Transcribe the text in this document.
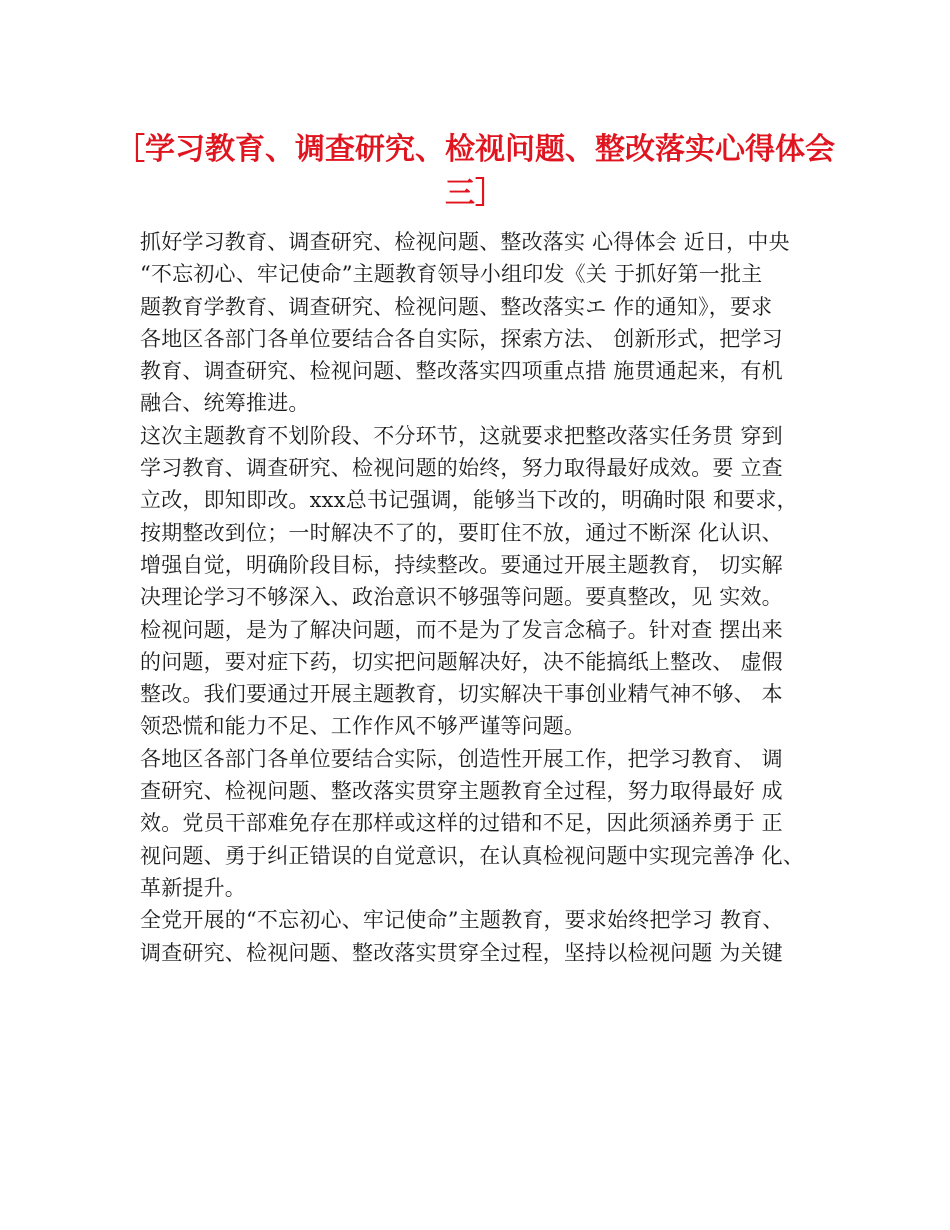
［学习教育、调查研究、检视问题、整改落实心得体会
三］
抓好学习教育、调查研究、检视问题、整改落实 心得体会 近日，中央
“不忘初心、牢记使命”主题教育领导小组印发《关 于抓好第一批主
题教育学教育、调查研究、检视问题、整改落实エ 作的通知》，要求
各地区各部门各单位要结合各自实际，探索方法、 创新形式，把学习
教育、调查研究、检视问题、整改落实四项重点措 施贯通起来，有机
融合、统筹推进。
这次主题教育不划阶段、不分环节，这就要求把整改落实任务贯 穿到
学习教育、调查研究、检视问题的始终，努力取得最好成效。要 立查
立改，即知即改。xxx总书记强调，能够当下改的，明确时限 和要求，
按期整改到位；一时解决不了的，要盯住不放，通过不断深 化认识、
增强自觉，明确阶段目标，持续整改。要通过开展主题教育， 切实解
决理论学习不够深入、政治意识不够强等问题。要真整改，见 实效。
检视问题，是为了解决问题，而不是为了发言念稿子。针对查 摆出来
的问题，要对症下药，切实把问题解决好，决不能搞纸上整改、 虚假
整改。我们要通过开展主题教育，切实解决干事创业精气神不够、 本
领恐慌和能力不足、工作作风不够严谨等问题。
各地区各部门各单位要结合实际，创造性开展工作，把学习教育、 调
查研究、检视问题、整改落实贯穿主题教育全过程，努力取得最好 成
效。党员干部难免存在那样或这样的过错和不足，因此须涵养勇于 正
视问题、勇于纠正错误的自觉意识，在认真检视问题中实现完善净 化、
革新提升。
全党开展的“不忘初心、牢记使命”主题教育，要求始终把学习 教育、
调查研究、检视问题、整改落实贯穿全过程，坚持以检视问题 为关键
